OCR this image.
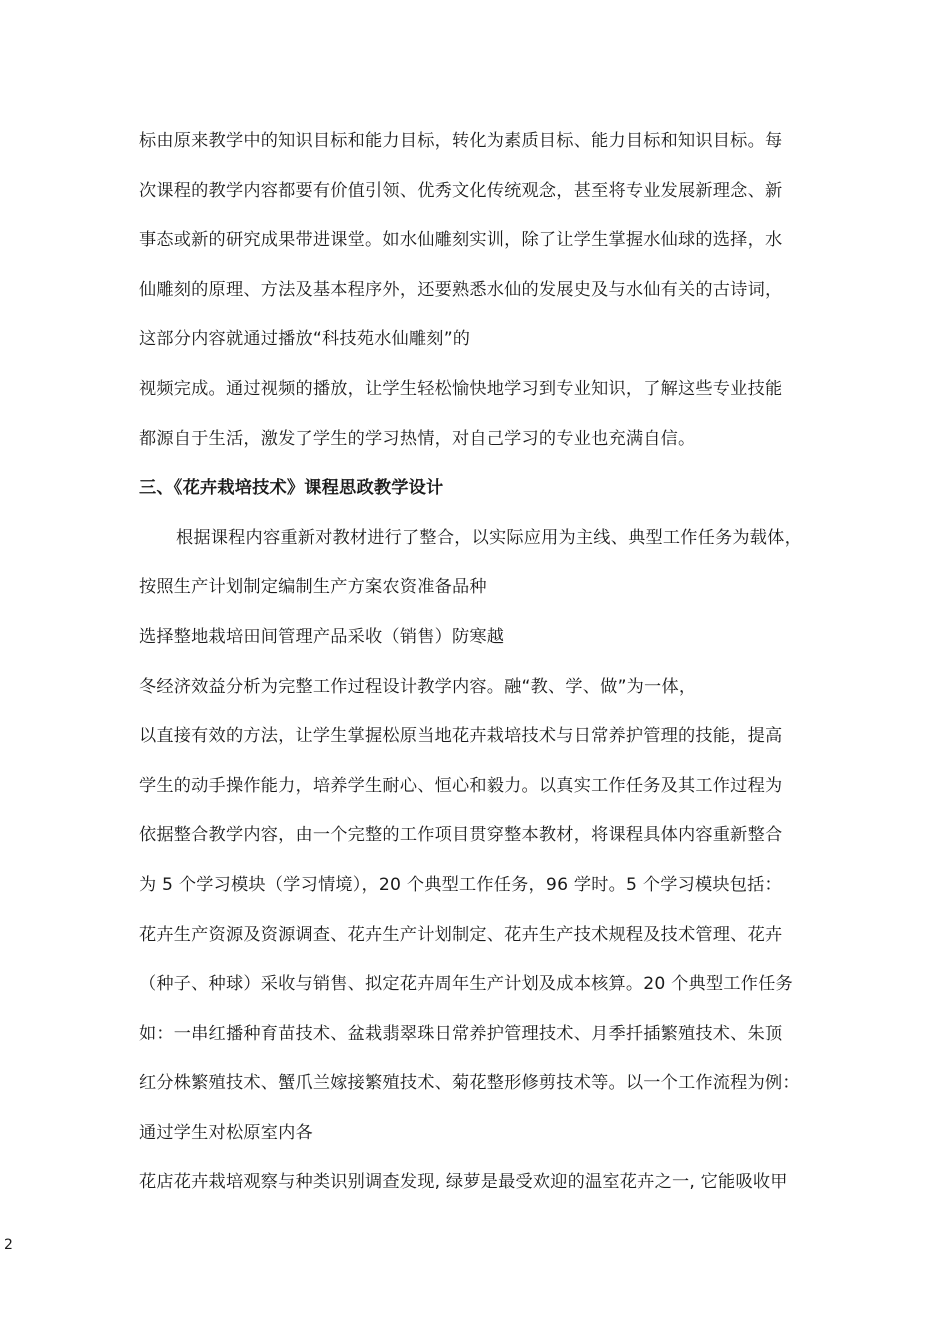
标由原来教学中的知识目标和能力目标，转化为素质目标、能力目标和知识目标。每
次课程的教学内容都要有价值引领、优秀文化传统观念，甚至将专业发展新理念、新
事态或新的研究成果带进课堂。如水仙雕刻实训，除了让学生掌握水仙球的选择，水
仙雕刻的原理、方法及基本程序外，还要熟悉水仙的发展史及与水仙有关的古诗词，
这部分内容就通过播放“科技苑水仙雕刻”的
视频完成。通过视频的播放，让学生轻松愉快地学习到专业知识，了解这些专业技能
都源自于生活，激发了学生的学习热情，对自己学习的专业也充满自信。
三、《花卉栽培技术》课程思政教学设计
根据课程内容重新对教材进行了整合，以实际应用为主线、典型工作任务为载体，
按照生产计划制定编制生产方案农资准备品种
选择整地栽培田间管理产品采收（销售）防寒越
冬经济效益分析为完整工作过程设计教学内容。融“教、学、做”为一体，
以直接有效的方法，让学生掌握松原当地花卉栽培技术与日常养护管理的技能，提高
学生的动手操作能力，培养学生耐心、恒心和毅力。以真实工作任务及其工作过程为
依据整合教学内容，由一个完整的工作项目贯穿整本教材，将课程具体内容重新整合
为 5 个学习模块（学习情境），20 个典型工作任务，96 学时。5 个学习模块包括：
花卉生产资源及资源调查、花卉生产计划制定、花卉生产技术规程及技术管理、花卉
（种子、种球）采收与销售、拟定花卉周年生产计划及成本核算。20 个典型工作任务
如：一串红播种育苗技术、盆栽翡翠珠日常养护管理技术、月季扦插繁殖技术、朱顶
红分株繁殖技术、蟹爪兰嫁接繁殖技术、菊花整形修剪技术等。以一个工作流程为例：
通过学生对松原室内各
花店花卉栽培观察与种类识别调查发现, 绿萝是最受欢迎的温室花卉之一, 它能吸收甲
2
